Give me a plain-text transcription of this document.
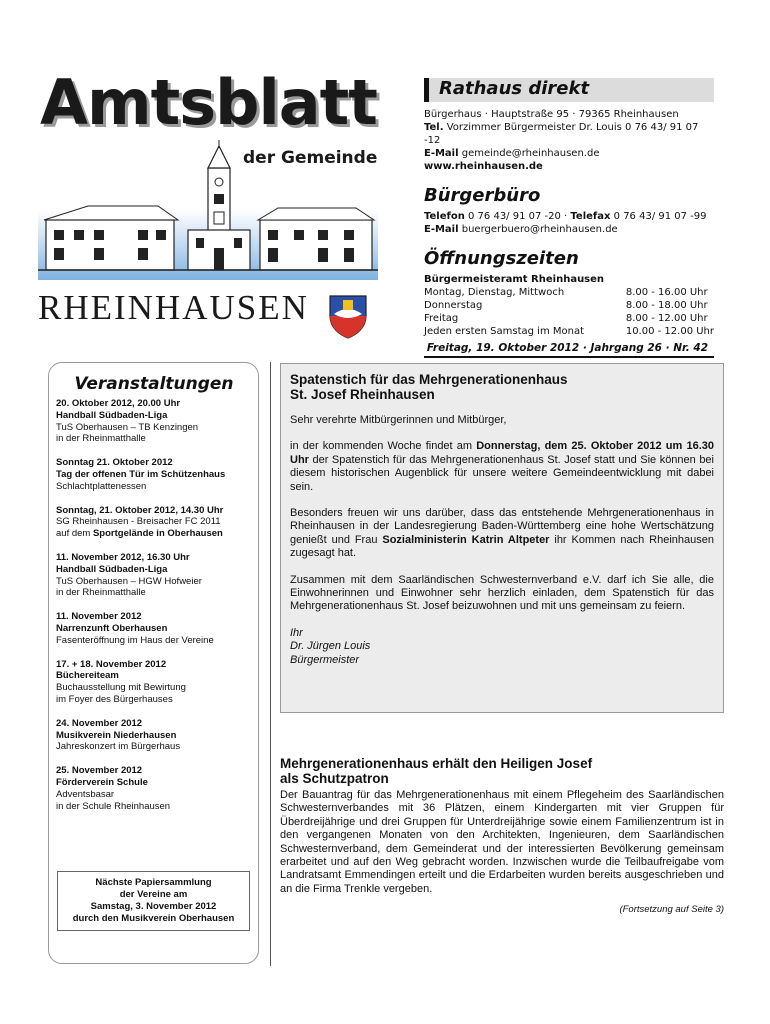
Amtsblatt
der Gemeinde
RHEINHAUSEN
Rathaus direkt
Bürgerhaus · Hauptstraße 95 · 79365 Rheinhausen
Tel. Vorzimmer Bürgermeister Dr. Louis 0 76 43/ 91 07 -12
E-Mail gemeinde@rheinhausen.de
www.rheinhausen.de
Bürgerbüro
Telefon 0 76 43/ 91 07 -20 · Telefax 0 76 43/ 91 07 -99
E-Mail buergerbuero@rheinhausen.de
Öffnungszeiten
Bürgermeisteramt Rheinhausen
Montag, Dienstag, Mittwoch	8.00 - 16.00 Uhr
Donnerstag	8.00 - 18.00 Uhr
Freitag	8.00 - 12.00 Uhr
Jeden ersten Samstag im Monat	10.00 - 12.00 Uhr
Freitag, 19. Oktober 2012 · Jahrgang 26 · Nr. 42
Veranstaltungen
20. Oktober 2012, 20.00 Uhr
Handball Südbaden-Liga
TuS Oberhausen – TB Kenzingen
in der Rheinmatthalle
Sonntag 21. Oktober 2012
Tag der offenen Tür im Schützenhaus
Schlachtplattenessen
Sonntag, 21. Oktober 2012, 14.30 Uhr
SG Rheinhausen - Breisacher FC 2011
auf dem Sportgelände in Oberhausen
11. November 2012, 16.30 Uhr
Handball Südbaden-Liga
TuS Oberhausen – HGW Hofweier
in der Rheinmatthalle
11. November 2012
Narrenzunft Oberhausen
Fasenteröffnung im Haus der Vereine
17. + 18. November 2012
Büchereiteam
Buchausstellung mit Bewirtung
im Foyer des Bürgerhauses
24. November 2012
Musikverein Niederhausen
Jahreskonzert im Bürgerhaus
25. November 2012
Förderverein Schule
Adventsbasar
in der Schule Rheinhausen
Nächste Papiersammlung
der Vereine am
Samstag, 3. November 2012
durch den Musikverein Oberhausen
Spatenstich für das Mehrgenerationenhaus
St. Josef Rheinhausen
Sehr verehrte Mitbürgerinnen und Mitbürger,
in der kommenden Woche findet am Donnerstag, dem 25. Oktober 2012 um 16.30 Uhr der Spatenstich für das Mehrgenerationenhaus St. Josef statt und Sie können bei diesem historischen Augenblick für unsere weitere Gemeindeentwicklung mit dabei sein.
Besonders freuen wir uns darüber, dass das entstehende Mehrgenerationenhaus in Rheinhausen in der Landesregierung Baden-Württemberg eine hohe Wertschätzung genießt und Frau Sozialministerin Katrin Altpeter ihr Kommen nach Rheinhausen zugesagt hat.
Zusammen mit dem Saarländischen Schwesternverband e.V. darf ich Sie alle, die Einwohnerinnen und Einwohner sehr herzlich einladen, dem Spatenstich für das Mehrgenerationenhaus St. Josef beizuwohnen und mit uns gemeinsam zu feiern.
Ihr
Dr. Jürgen Louis
Bürgermeister
Mehrgenerationenhaus erhält den Heiligen Josef
als Schutzpatron
Der Bauantrag für das Mehrgenerationenhaus mit einem Pflegeheim des Saarländischen Schwesternverbandes mit 36 Plätzen, einem Kindergarten mit vier Gruppen für Überdreijährige und drei Gruppen für Unterdreijährige sowie einem Familienzentrum ist in den vergangenen Monaten von den Architekten, Ingenieuren, dem Saarländischen Schwesternverband, dem Gemeinderat und der interessierten Bevölkerung gemeinsam erarbeitet und auf den Weg gebracht worden. Inzwischen wurde die Teilbaufreigabe vom Landratsamt Emmendingen erteilt und die Erdarbeiten wurden bereits ausgeschrieben und an die Firma Trenkle vergeben.
(Fortsetzung auf Seite 3)
